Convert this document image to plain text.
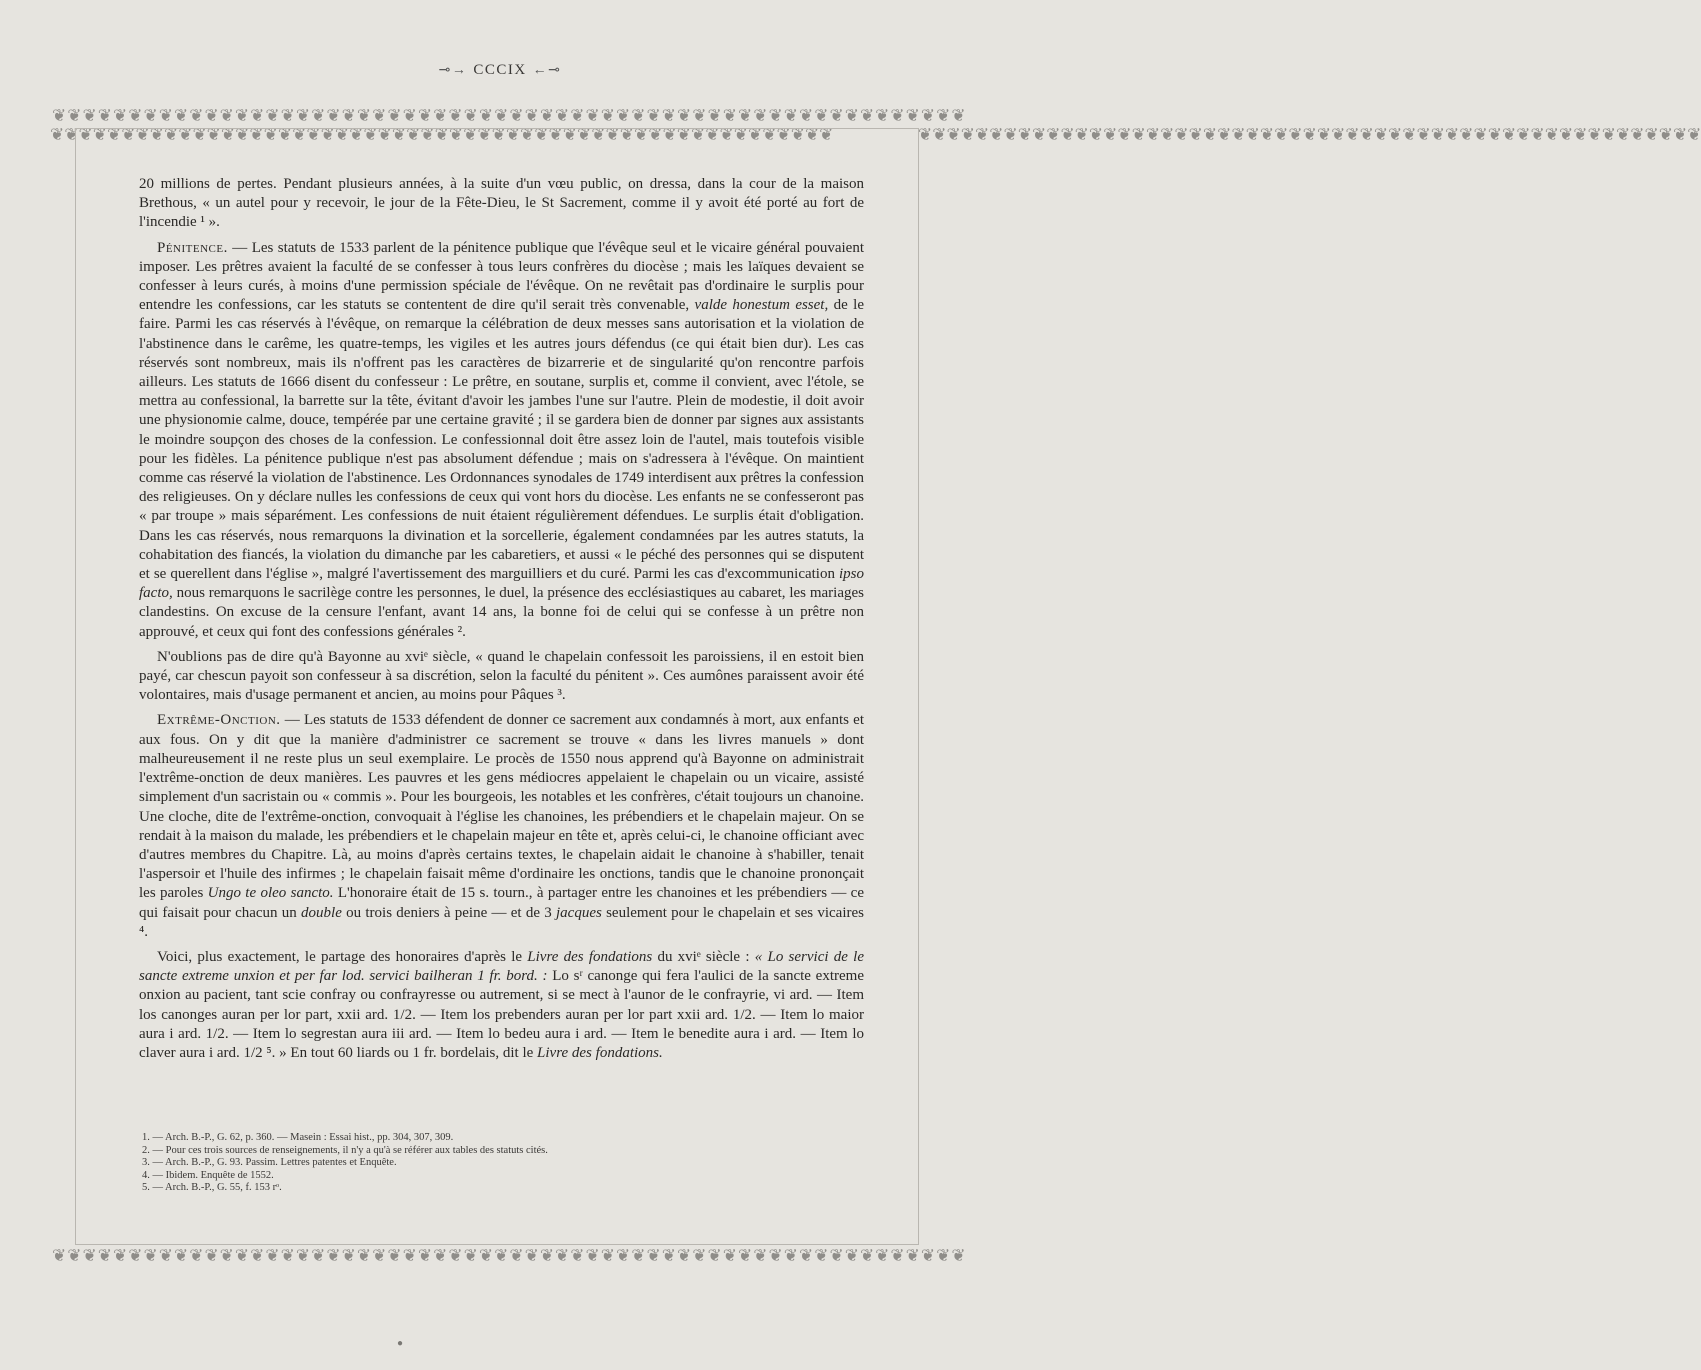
⊸→ CCCIX ←⊸
❦❦❦❦❦❦❦❦❦❦❦❦❦❦❦❦❦❦❦❦❦❦❦❦❦❦❦❦❦❦❦❦❦❦❦❦❦❦❦❦❦❦❦❦❦❦❦❦❦❦❦❦❦❦❦❦❦❦❦❦
❦❦❦❦❦❦❦❦❦❦❦❦❦❦❦❦❦❦❦❦❦❦❦❦❦❦❦❦❦❦❦❦❦❦❦❦❦❦❦❦❦❦❦❦❦❦❦❦❦❦❦❦❦❦❦❦❦❦❦❦
❦❦❦❦❦❦❦❦❦❦❦❦❦❦❦❦❦❦❦❦❦❦❦❦❦❦❦❦❦❦❦❦❦❦❦❦❦❦❦❦❦❦❦❦❦❦❦❦❦❦❦❦❦❦❦	❦❦❦❦❦❦❦❦❦❦❦❦❦❦❦❦❦❦❦❦❦❦❦❦❦❦❦❦❦❦❦❦❦❦❦❦❦❦❦❦❦❦❦❦❦❦❦❦❦❦❦❦❦❦❦

20 millions de pertes. Pendant plusieurs années, à la suite d'un vœu public, on dressa, dans la cour de la maison Brethous, « un autel pour y recevoir, le jour de la Fête-Dieu, le St Sacrement, comme il y avoit été porté au fort de l'incendie ¹ ».

Pénitence. — Les statuts de 1533 parlent de la pénitence publique que l'évêque seul et le vicaire général pouvaient imposer. Les prêtres avaient la faculté de se confesser à tous leurs confrères du diocèse ; mais les laïques devaient se confesser à leurs curés, à moins d'une permission spéciale de l'évêque. On ne revêtait pas d'ordinaire le surplis pour entendre les confessions, car les statuts se contentent de dire qu'il serait très convenable, valde honestum esset, de le faire. Parmi les cas réservés à l'évêque, on remarque la célébration de deux messes sans autorisation et la violation de l'abstinence dans le carême, les quatre-temps, les vigiles et les autres jours défendus (ce qui était bien dur). Les cas réservés sont nombreux, mais ils n'offrent pas les caractères de bizarrerie et de singularité qu'on rencontre parfois ailleurs. Les statuts de 1666 disent du confesseur : Le prêtre, en soutane, surplis et, comme il convient, avec l'étole, se mettra au confessional, la barrette sur la tête, évitant d'avoir les jambes l'une sur l'autre. Plein de modestie, il doit avoir une physionomie calme, douce, tempérée par une certaine gravité ; il se gardera bien de donner par signes aux assistants le moindre soupçon des choses de la confession. Le confessionnal doit être assez loin de l'autel, mais toutefois visible pour les fidèles. La pénitence publique n'est pas absolument défendue ; mais on s'adressera à l'évêque. On maintient comme cas réservé la violation de l'abstinence. Les Ordonnances synodales de 1749 interdisent aux prêtres la confession des religieuses. On y déclare nulles les confessions de ceux qui vont hors du diocèse. Les enfants ne se confesseront pas « par troupe » mais séparément. Les confessions de nuit étaient régulièrement défendues. Le surplis était d'obligation. Dans les cas réservés, nous remarquons la divination et la sorcellerie, également condamnées par les autres statuts, la cohabitation des fiancés, la violation du dimanche par les cabaretiers, et aussi « le péché des personnes qui se disputent et se querellent dans l'église », malgré l'avertissement des marguilliers et du curé. Parmi les cas d'excommunication ipso facto, nous remarquons le sacrilège contre les personnes, le duel, la présence des ecclésiastiques au cabaret, les mariages clandestins. On excuse de la censure l'enfant, avant 14 ans, la bonne foi de celui qui se confesse à un prêtre non approuvé, et ceux qui font des confessions générales ².

N'oublions pas de dire qu'à Bayonne au xviᵉ siècle, « quand le chapelain confessoit les paroissiens, il en estoit bien payé, car chescun payoit son confesseur à sa discrétion, selon la faculté du pénitent ». Ces aumônes paraissent avoir été volontaires, mais d'usage permanent et ancien, au moins pour Pâques ³.

Extrême-Onction. — Les statuts de 1533 défendent de donner ce sacrement aux condamnés à mort, aux enfants et aux fous. On y dit que la manière d'administrer ce sacrement se trouve « dans les livres manuels » dont malheureusement il ne reste plus un seul exemplaire. Le procès de 1550 nous apprend qu'à Bayonne on administrait l'extrême-onction de deux manières. Les pauvres et les gens médiocres appelaient le chapelain ou un vicaire, assisté simplement d'un sacristain ou « commis ». Pour les bourgeois, les notables et les confrères, c'était toujours un chanoine. Une cloche, dite de l'extrême-onction, convoquait à l'église les chanoines, les prébendiers et le chapelain majeur. On se rendait à la maison du malade, les prébendiers et le chapelain majeur en tête et, après celui-ci, le chanoine officiant avec d'autres membres du Chapitre. Là, au moins d'après certains textes, le chapelain aidait le chanoine à s'habiller, tenait l'aspersoir et l'huile des infirmes ; le chapelain faisait même d'ordinaire les onctions, tandis que le chanoine prononçait les paroles Ungo te oleo sancto. L'honoraire était de 15 s. tourn., à partager entre les chanoines et les prébendiers — ce qui faisait pour chacun un double ou trois deniers à peine — et de 3 jacques seulement pour le chapelain et ses vicaires ⁴.

Voici, plus exactement, le partage des honoraires d'après le Livre des fondations du xviᵉ siècle : « Lo servici de le sancte extreme unxion et per far lod. servici bailheran 1 fr. bord. : Lo sʳ canonge qui fera l'aulici de la sancte extreme onxion au pacient, tant scie confray ou confrayresse ou autrement, si se mect à l'aunor de le confrayrie, vi ard. — Item los canonges auran per lor part, xxii ard. 1/2. — Item los prebenders auran per lor part xxii ard. 1/2. — Item lo maior aura i ard. 1/2. — Item lo segrestan aura iii ard. — Item lo bedeu aura i ard. — Item le benedite aura i ard. — Item lo claver aura i ard. 1/2 ⁵. » En tout 60 liards ou 1 fr. bordelais, dit le Livre des fondations.

1. — Arch. B.-P., G. 62, p. 360. — Masein : Essai hist., pp. 304, 307, 309.
2. — Pour ces trois sources de renseignements, il n'y a qu'à se référer aux tables des statuts cités.
3. — Arch. B.-P., G. 93. Passim. Lettres patentes et Enquête.
4. — Ibidem. Enquête de 1552.
5. — Arch. B.-P., G. 55, f. 153 rᵒ.
●
